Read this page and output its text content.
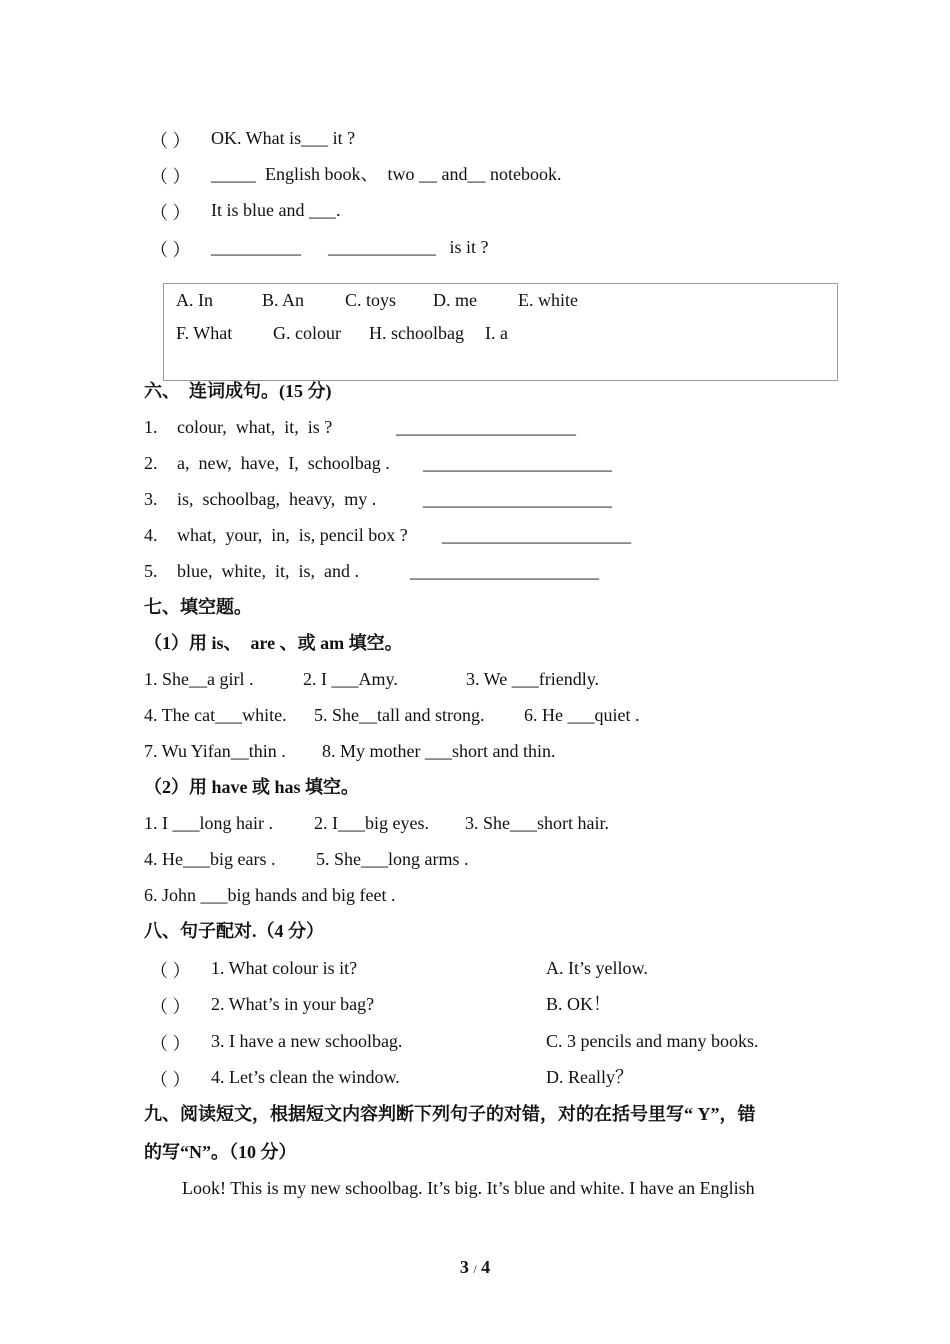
（ ） OK. What is___ it ?
（ ） _____  English book、  two __ and__ notebook.
（ ） It is blue and ___.
（ ） __________      ____________   is it ?
A. In	B. An C. toys D. me E. white
F. What G. colour H. schoolbag I. a
六、  连词成句。(15 分)
1. colour,  what,  it,  is ?	____________________
2. a,  new,  have,  I,  schoolbag . _____________________
3. is,  schoolbag,  heavy,  my .	_____________________
4. what,  your,  in,  is, pencil box ? _____________________
5. blue,  white,  it,  is,  and .	_____________________
七、填空题。
（1）用 is、  are 、或 am 填空。
1. She__a girl .	2. I ___Amy.	3. We ___friendly.
4. The cat___white. 5. She__tall and strong. 6. He ___quiet .
7. Wu Yifan__thin . 8. My mother ___short and thin.
（2）用 have 或 has 填空。
1. I ___long hair . 2. I___big eyes. 3. She___short hair.
4. He___big ears . 5. She___long arms .
6. John ___big hands and big feet .
八、句子配对.（4 分）
（ ） 1. What colour is it?	A. It’s yellow.
（ ） 2. What’s in your bag?	B. OK！
（ ） 3. I have a new schoolbag.	C. 3 pencils and many books.
（ ） 4. Let’s clean the window.	D. Really？
九、阅读短文，根据短文内容判断下列句子的对错，对的在括号里写“ Y”，错
的写“N”。（10 分）
Look! This is my new schoolbag. It’s big. It’s blue and white. I have an English
3 / 4
